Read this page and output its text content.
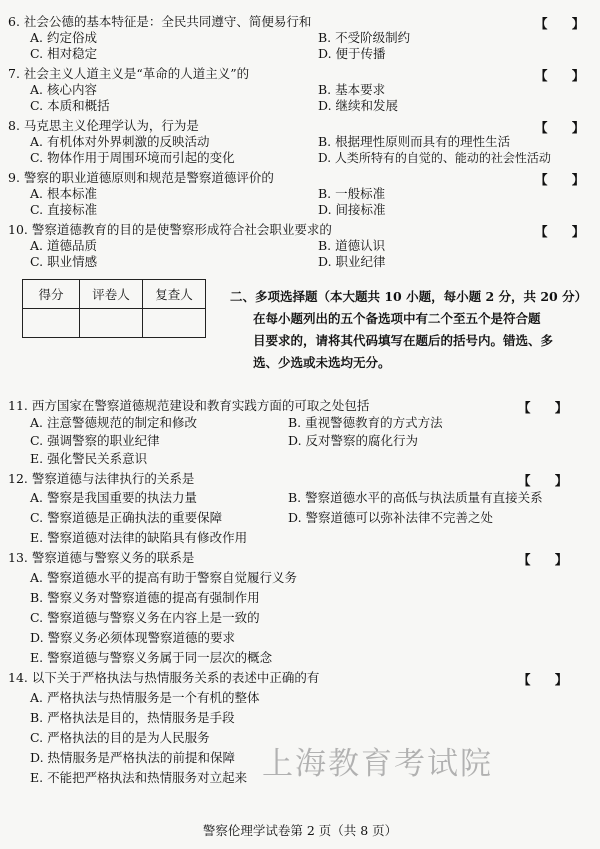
6. 社会公德的基本特征是：全民共同遵守、简便易行和	【 】
A. 约定俗成	B. 不受阶级制约
C. 相对稳定	D. 便于传播
7. 社会主义人道主义是“革命的人道主义”的	【 】
A. 核心内容	B. 基本要求
C. 本质和概括	D. 继续和发展
8. 马克思主义伦理学认为，行为是	【 】
A. 有机体对外界刺激的反映活动	B. 根据理性原则而具有的理性生活
C. 物体作用于周围环境而引起的变化	D. 人类所特有的自觉的、能动的社会性活动
9. 警察的职业道德原则和规范是警察道德评价的	【 】
A. 根本标准	B. 一般标准
C. 直接标准	D. 间接标准
10. 警察道德教育的目的是使警察形成符合社会职业要求的	【 】
A. 道德品质	B. 道德认识
C. 职业情感	D. 职业纪律
得分	评卷人	复查人
			二、多项选择题（本大题共 10 小题，每小题 2 分，共 20 分）
在每小题列出的五个备选项中有二个至五个是符合题
目要求的，请将其代码填写在题后的括号内。错选、多
选、少选或未选均无分。
11. 西方国家在警察道德规范建设和教育实践方面的可取之处包括	【 】
A. 注意警德规范的制定和修改	B. 重视警德教育的方式方法
C. 强调警察的职业纪律	D. 反对警察的腐化行为
E. 强化警民关系意识
12. 警察道德与法律执行的关系是	【 】
A. 警察是我国重要的执法力量	B. 警察道德水平的高低与执法质量有直接关系
C. 警察道德是正确执法的重要保障	D. 警察道德可以弥补法律不完善之处
E. 警察道德对法律的缺陷具有修改作用
13. 警察道德与警察义务的联系是	【 】
A. 警察道德水平的提高有助于警察自觉履行义务
B. 警察义务对警察道德的提高有强制作用
C. 警察道德与警察义务在内容上是一致的
D. 警察义务必须体现警察道德的要求
E. 警察道德与警察义务属于同一层次的概念
14. 以下关于严格执法与热情服务关系的表述中正确的有	【 】
A. 严格执法与热情服务是一个有机的整体
B. 严格执法是目的，热情服务是手段
C. 严格执法的目的是为人民服务
D. 热情服务是严格执法的前提和保障
E. 不能把严格执法和热情服务对立起来 上海教育考试院
警察伦理学试卷第 2 页（共 8 页）
